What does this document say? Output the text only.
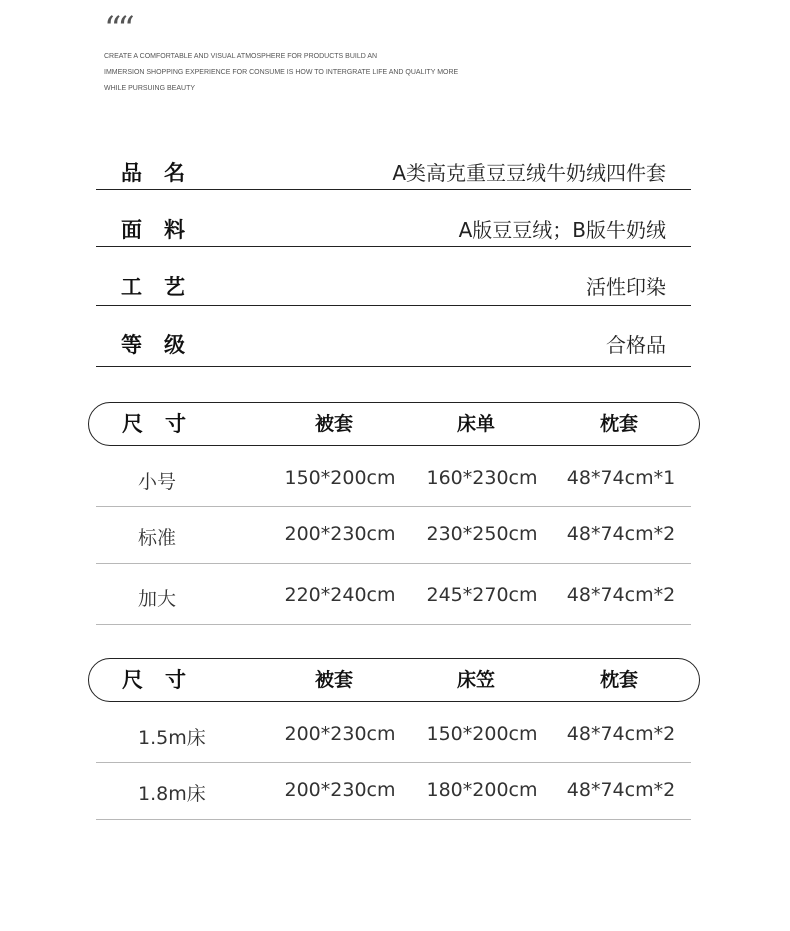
““
CREATE A COMFORTABLE AND VISUAL ATMOSPHERE FOR PRODUCTS BUILD AN
IMMERSION SHOPPING EXPERIENCE FOR CONSUME IS HOW TO INTERGRATE LIFE AND QUALITY MORE
WHILE PURSUING BEAUTY
品名	A类高克重豆豆绒牛奶绒四件套
面料	A版豆豆绒；B版牛奶绒
工艺	活性印染
等级	合格品
尺寸	被套	床单	枕套
小号	150*200cm	160*230cm	48*74cm*1
标准	200*230cm	230*250cm	48*74cm*2
加大	220*240cm	245*270cm	48*74cm*2
尺寸	被套	床笠	枕套
1.5m床	200*230cm	150*200cm	48*74cm*2
1.8m床	200*230cm	180*200cm	48*74cm*2
